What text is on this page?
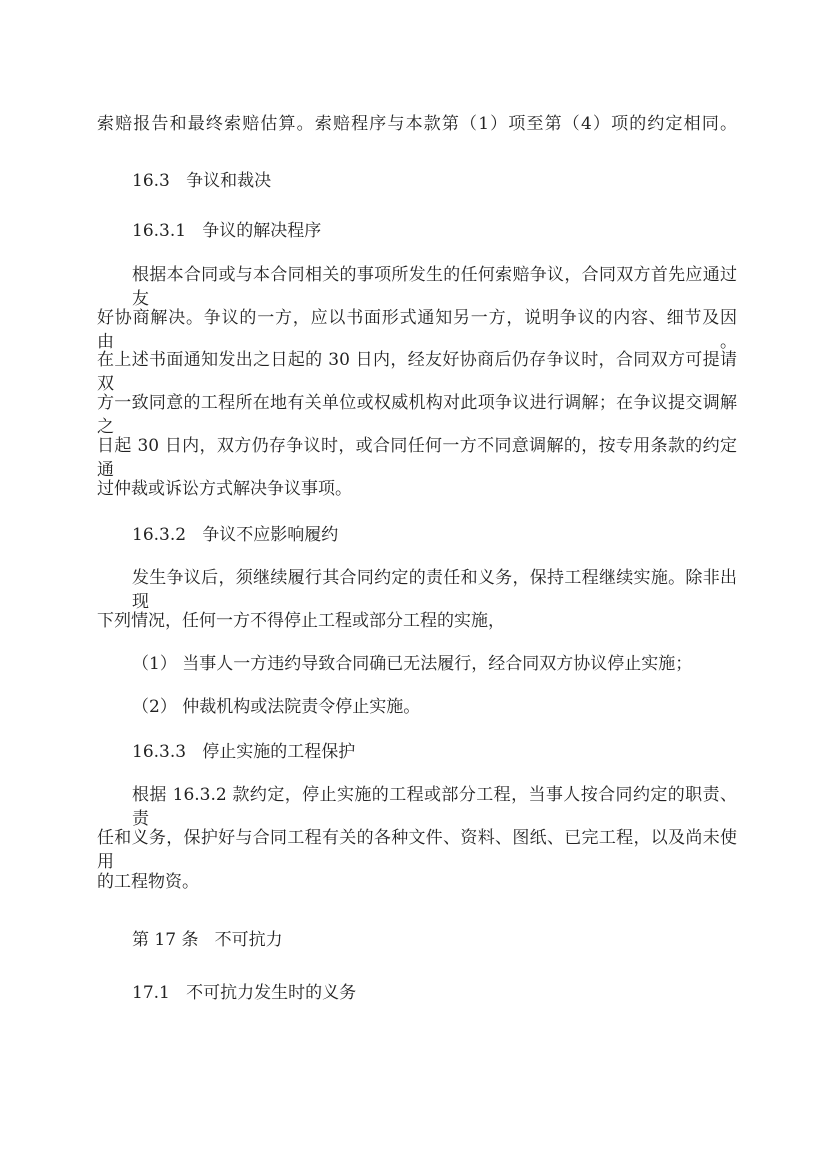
索赔报告和最终索赔估算。索赔程序与本款第（1）项至第（4）项的约定相同。
16.3 争议和裁决
16.3.1 争议的解决程序
根据本合同或与本合同相关的事项所发生的任何索赔争议，合同双方首先应通过友
好协商解决。争议的一方，应以书面形式通知另一方，说明争议的内容、细节及因由。
在上述书面通知发出之日起的 30 日内，经友好协商后仍存争议时，合同双方可提请双
方一致同意的工程所在地有关单位或权威机构对此项争议进行调解；在争议提交调解之
日起 30 日内，双方仍存争议时，或合同任何一方不同意调解的，按专用条款的约定通
过仲裁或诉讼方式解决争议事项。
16.3.2 争议不应影响履约
发生争议后，须继续履行其合同约定的责任和义务，保持工程继续实施。除非出现
下列情况，任何一方不得停止工程或部分工程的实施，
（1） 当事人一方违约导致合同确已无法履行，经合同双方协议停止实施；
（2） 仲裁机构或法院责令停止实施。
16.3.3 停止实施的工程保护
根据 16.3.2 款约定，停止实施的工程或部分工程，当事人按合同约定的职责、责
任和义务，保护好与合同工程有关的各种文件、资料、图纸、已完工程，以及尚未使用
的工程物资。
第 17 条 不可抗力
17.1 不可抗力发生时的义务
